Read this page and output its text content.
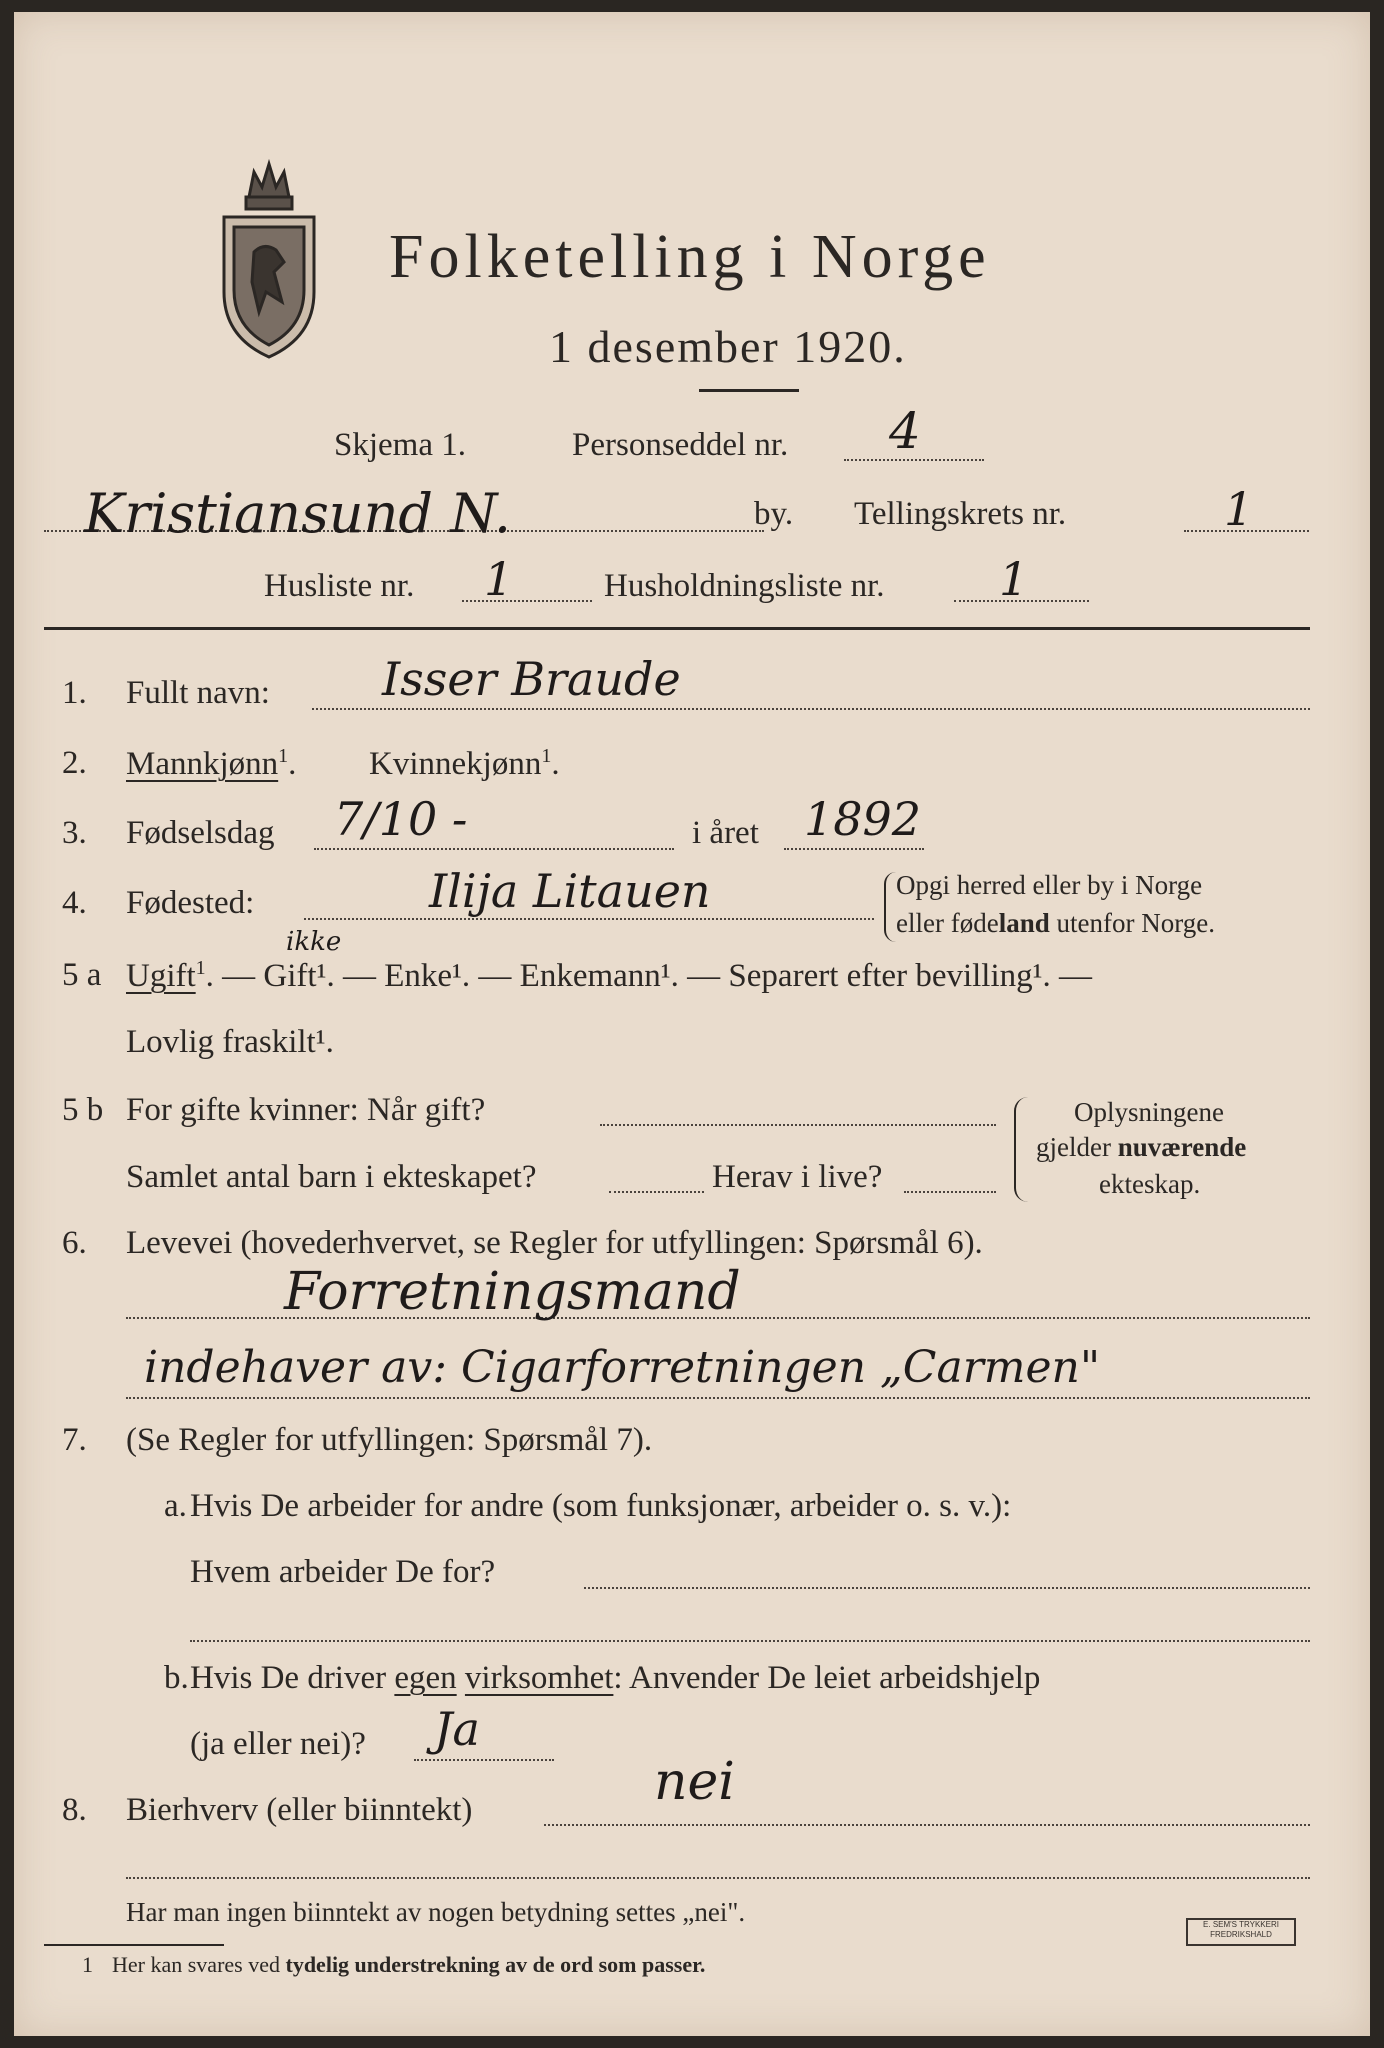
Folketelling i Norge
1 desember 1920.
Skjema 1.	Personseddel nr. 4
Kristiansund N.	by. Tellingskrets nr.	1
Husliste nr. 1	Husholdningsliste nr. 1
1. Fullt navn: Isser Braude
2. Mannkjønn$^1$. Kvinnekjønn$^1$.
3. Fødselsdag 7/10 -	i året 1892
4. Fødested:	Ilija Litauen	Opgi herred eller by i Norge
eller fødeland utenfor Norge.
5 a Ugift$^1$. — Gift¹. — Enke¹. — Enkemann¹. — Separert efter bevilling¹. —
ikke
Lovlig fraskilt¹.
5 b For gifte kvinner: Når gift?
Samlet antal barn i ekteskapet?	Herav i live?
Oplysningene
gjelder nuværende
ekteskap.
6. Levevei (hovederhvervet, se Regler for utfyllingen: Spørsmål 6).
Forretningsmand
indehaver av: Cigarforretningen „Carmen"
7. (Se Regler for utfyllingen: Spørsmål 7).
a. Hvis De arbeider for andre (som funksjonær, arbeider o. s. v.):
Hvem arbeider De for?
b. Hvis De driver egen virksomhet: Anvender De leiet arbeidshjelp
(ja eller nei)? Ja
8. Bierhverv (eller biinntekt)	nei
Har man ingen biinntekt av nogen betydning settes „nei".
1 Her kan svares ved tydelig understrekning av de ord som passer.
E. SEM'S TRYKKERI
FREDRIKSHALD
